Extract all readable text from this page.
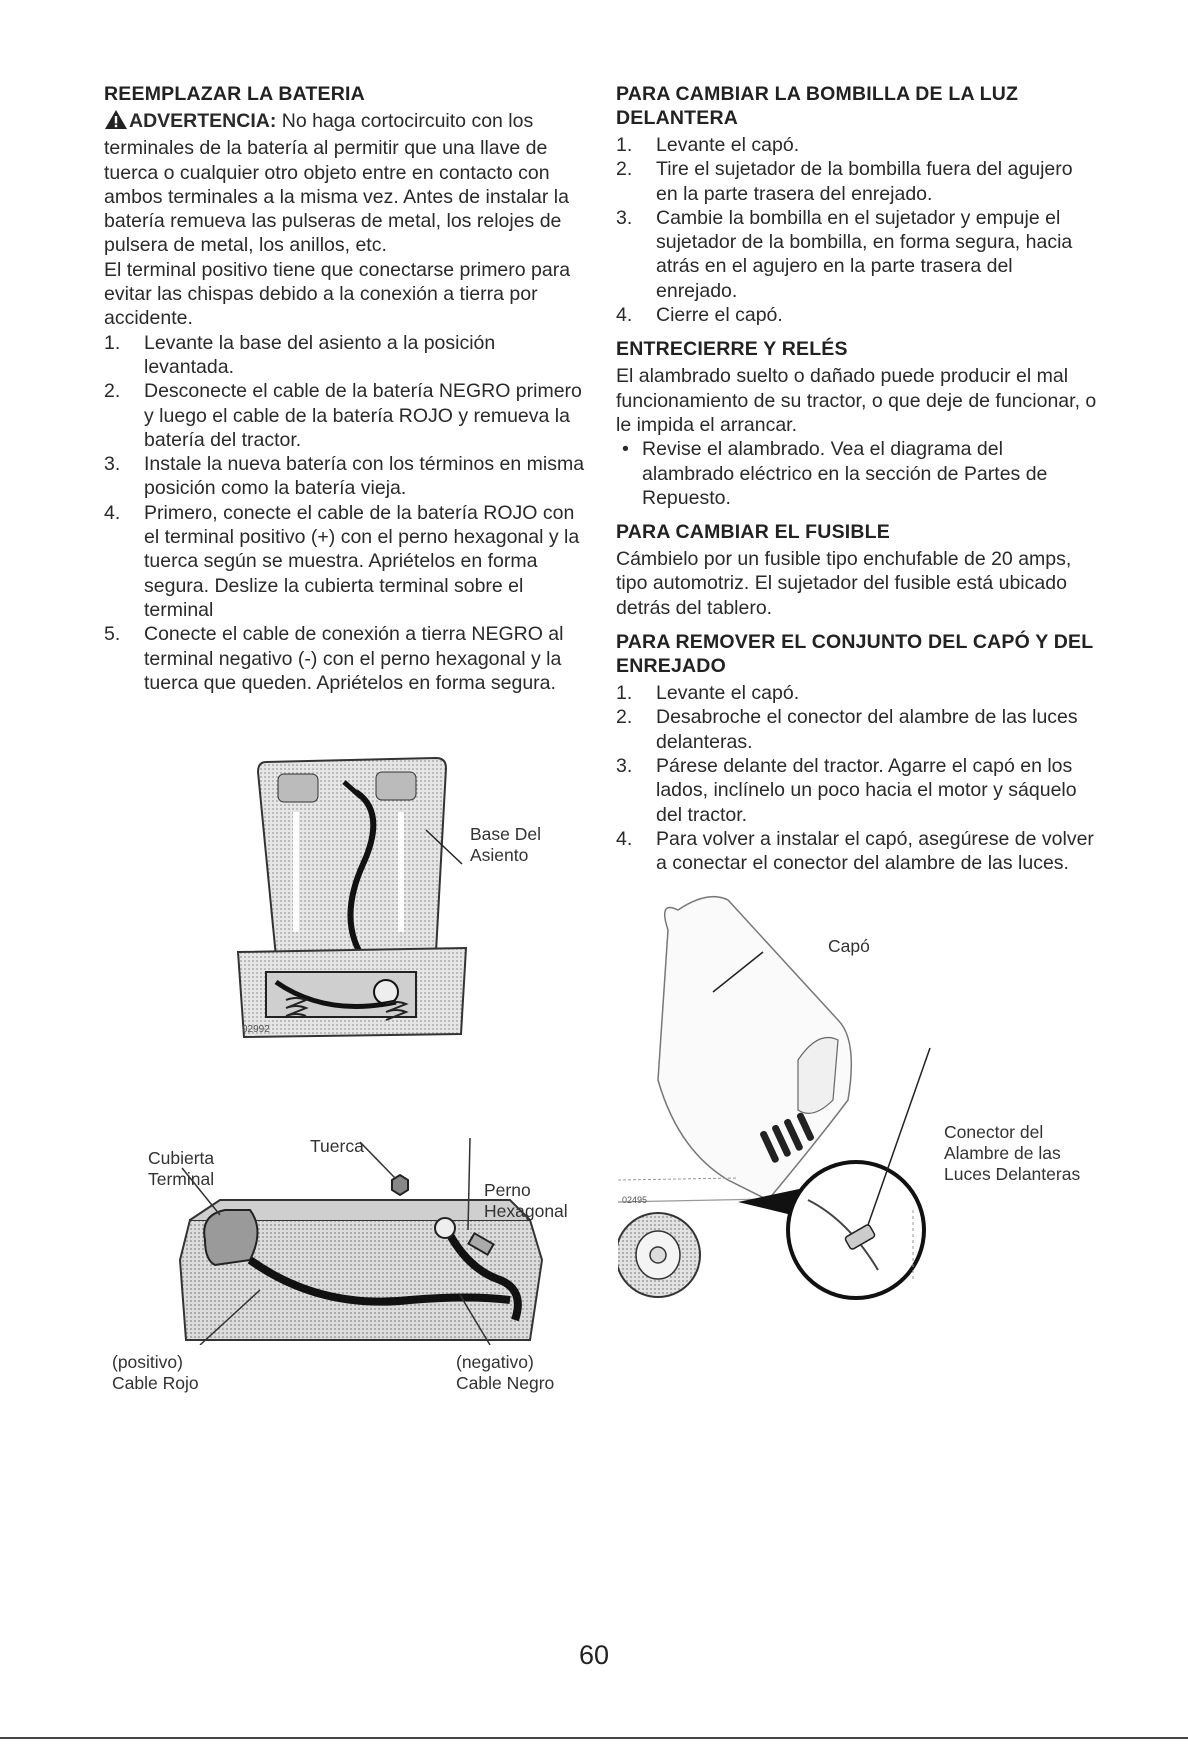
REEMPLAZAR LA BATERIA

ADVERTENCIA: No haga cortocircuito con los terminales de la batería al permitir que una llave de tuerca o cualquier otro objeto entre en contacto con ambos terminales a la misma vez. Antes de instalar la batería remueva las pulseras de metal, los relojes de pulsera de metal, los anillos, etc.

El terminal positivo tiene que conectarse primero para evitar las chispas debido a la conexión a tierra por accidente.

1. Levante la base del asiento a la posición levantada.
2. Desconecte el cable de la batería NEGRO primero y luego el cable de la batería ROJO y remueva la batería del tractor.
3. Instale la nueva batería con los términos en misma posición como la batería vieja.
4. Primero, conecte el cable de la batería ROJO con el terminal positivo (+) con el perno hexagonal y la tuerca según se muestra. Apriételos en forma segura. Deslize la cubierta terminal sobre el terminal
5. Conecte el cable de conexión a tierra NEGRO al terminal negativo (-) con el perno hexagonal y la tuerca que queden. Apriételos en forma segura.
02992
Base Del
Asiento
Cubierta
Terminal
Tuerca
Perno
Hexagonal
(positivo)
Cable Rojo
(negativo)
Cable Negro
PARA CAMBIAR LA BOMBILLA DE LA LUZ DELANTERA
1. Levante el capó.
2. Tire el sujetador de la bombilla fuera del agujero en la parte trasera del enrejado.
3. Cambie la bombilla en el sujetador y empuje el sujetador de la bombilla, en forma segura, hacia atrás en el agujero en la parte trasera del enrejado.
4. Cierre el capó.
ENTRECIERRE Y RELÉS

El alambrado suelto o dañado puede producir el mal funcionamiento de su tractor, o que deje de funcionar, o le impida el arrancar.

• Revise el alambrado. Vea el diagrama del alambrado eléctrico en la sección de Partes de Repuesto.
PARA CAMBIAR EL FUSIBLE

Cámbielo por un fusible tipo enchufable de 20 amps, tipo automotriz. El sujetador del fusible está ubicado detrás del tablero.

PARA REMOVER EL CONJUNTO DEL CAPÓ Y DEL ENREJADO
1. Levante el capó.
2. Desabroche el conector del alambre de las luces delanteras.
3. Párese delante del tractor. Agarre el capó en los lados, inclínelo un poco hacia el motor y sáquelo del tractor.
4. Para volver a instalar el capó, asegúrese de volver a conectar el conector del alambre de las luces.
02495
Capó
Conector del
Alambre de las
Luces Delanteras
60
